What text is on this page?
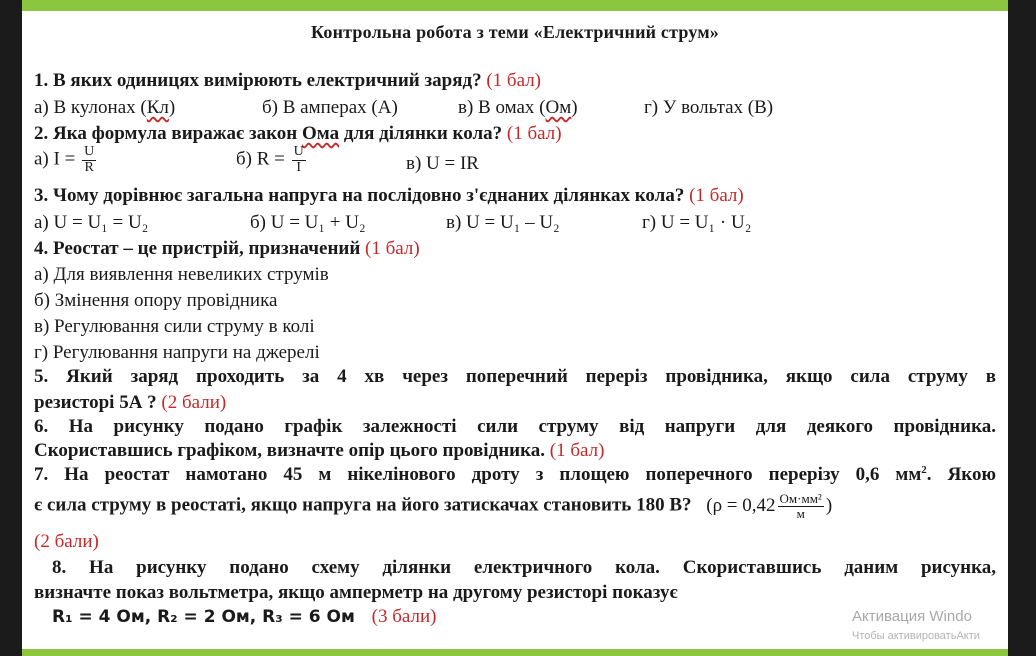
Контрольна робота з теми «Електричний струм»
1. В яких одиницях вимірюють електричний заряд? (1 бал)
а) В кулонах (Кл)	б) В амперах (А)	в) В омах (Ом)	г) У вольтах (В)
2. Яка формула виражає закон Ома для ділянки кола? (1 бал)
а) $I = \frac{U}{R}$	б) $R = \frac{U}{I}$	в) U = IR
3. Чому дорівнює загальна напруга на послідовно з'єднаних ділянках кола? (1 бал)
а) U = U₁ = U₂	б) U = U₁ + U₂	в) U = U₁ – U₂	г) U = U₁ · U₂
4. Реостат – це пристрій, призначений (1 бал)
а) Для виявлення невеликих струмів
б) Змінення опору провідника
в) Регулювання сили струму в колі
г) Регулювання напруги на джерелі
5. Який заряд проходить за 4 хв через поперечний переріз провідника, якщо сила струму в
резисторі 5А ? (2 бали)
6. На рисунку подано графік залежності сили струму від напруги для деякого провідника.
Скориставшись графіком, визначте опір цього провідника. (1 бал)
7. На реостат намотано 45 м нікелінового дроту з площею поперечного перерізу 0,6 $мм^2$. Якою
є сила струму в реостаті, якщо напруга на його затискачах становить 180 В? ($\rho = 0,42 \frac{\text{Ом·мм²}}{м}$ )
(2 бали)
8. На рисунку подано схему ділянки електричного кола. Скориставшись даним рисунка,
визначте показ вольтметра, якщо амперметр на другому резисторі показує
R₁ = 4 Ом, R₂ = 2 Ом, R₃ = 6 Ом (3 бали)	Активация Windo
Чтобы активироватьАкти
